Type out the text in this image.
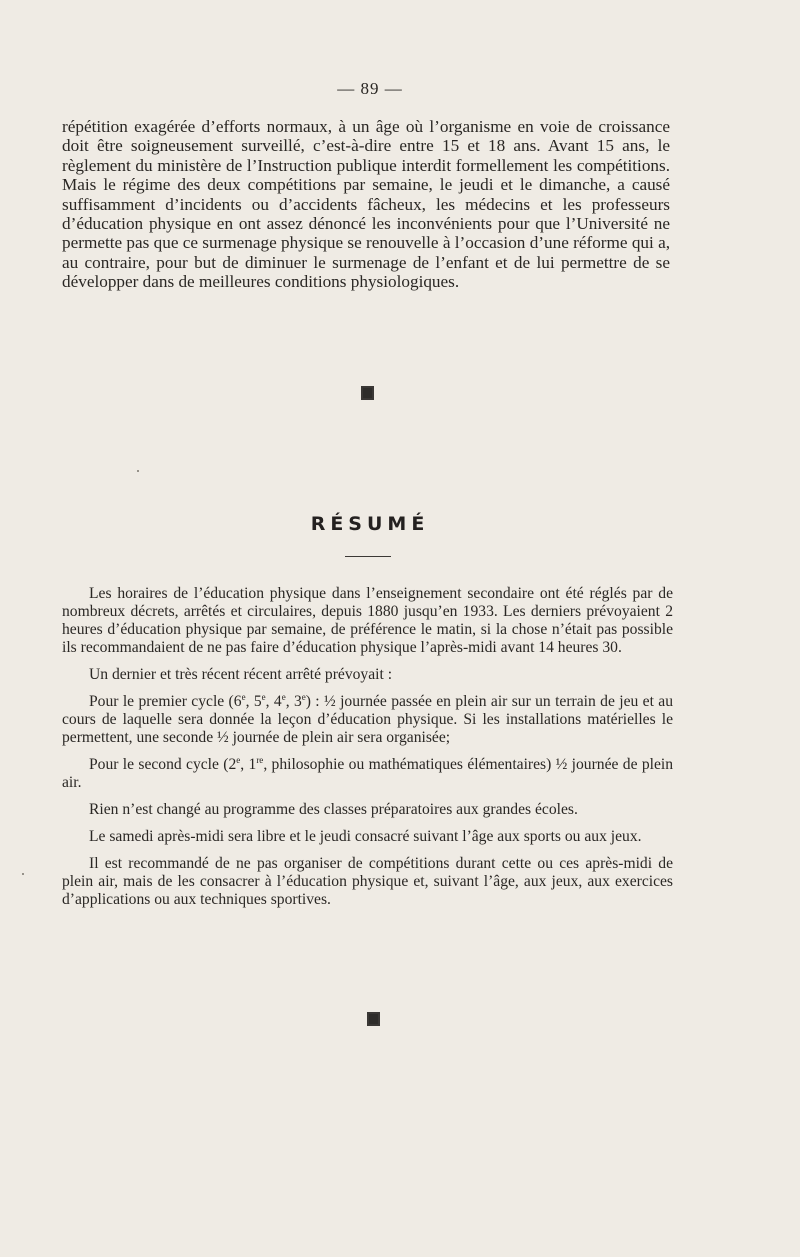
— 89 —

répétition exagérée d’efforts normaux, à un âge où l’organisme en voie de croissance doit être soigneusement surveillé, c’est-à-dire entre 15 et 18 ans. Avant 15 ans, le règlement du ministère de l’Instruction publique interdit formellement les compétitions. Mais le régime des deux compétitions par semaine, le jeudi et le dimanche, a causé suffisamment d’incidents ou d’accidents fâcheux, les médecins et les professeurs d’éducation physique en ont assez dénoncé les inconvénients pour que l’Université ne permette pas que ce surmenage physique se renouvelle à l’occasion d’une réforme qui a, au contraire, pour but de diminuer le surmenage de l’enfant et de lui permettre de se développer dans de meilleures conditions physiologiques.

RÉSUMÉ

Les horaires de l’éducation physique dans l’enseignement secondaire ont été réglés par de nombreux décrets, arrêtés et circulaires, depuis 1880 jusqu’en 1933. Les derniers prévoyaient 2 heures d’éducation physique par semaine, de préférence le matin, si la chose n’était pas possible ils recommandaient de ne pas faire d’éducation physique l’après-midi avant 14 heures 30.

Un dernier et très récent récent arrêté prévoyait :

Pour le premier cycle (6e, 5e, 4e, 3e) : ½ journée passée en plein air sur un terrain de jeu et au cours de laquelle sera donnée la leçon d’éducation physique. Si les installations matérielles le permettent, une seconde ½ journée de plein air sera organisée;

Pour le second cycle (2e, 1re, philosophie ou mathématiques élémentaires) ½ journée de plein air.

Rien n’est changé au programme des classes préparatoires aux grandes écoles.

Le samedi après-midi sera libre et le jeudi consacré suivant l’âge aux sports ou aux jeux.

Il est recommandé de ne pas organiser de compétitions durant cette ou ces après-midi de plein air, mais de les consacrer à l’éducation physique et, suivant l’âge, aux jeux, aux exercices d’applications ou aux techniques sportives.
